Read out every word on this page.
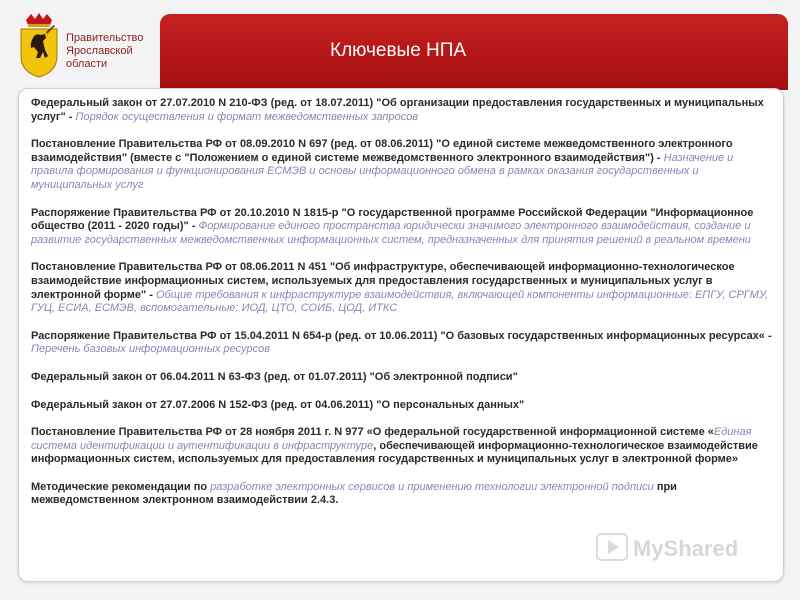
Правительство
Ярославской
области
Ключевые НПА

Федеральный закон от 27.07.2010 N 210-ФЗ (ред. от 18.07.2011) "Об организации предоставления государственных и муниципальных услуг" - Порядок осуществления и формат межведомственных запросов

Постановление Правительства РФ от 08.09.2010 N 697 (ред. от 08.06.2011) "О единой системе межведомственного электронного взаимодействия" (вместе с "Положением о единой системе межведомственного электронного взаимодействия") - Назначение и правила формирования и функционирования ЕСМЭВ и основы информационного обмена в рамках оказания государственных и муниципальных услуг

Распоряжение Правительства РФ от 20.10.2010 N 1815-р "О государственной программе Российской Федерации "Информационное общество (2011 - 2020 годы)" - Формирование единого пространства юридически значимого электронного взаимодействия, создание и развитие государственных межведомственных информационных систем, предназначенных для принятия решений в реальном времени

Постановление Правительства РФ от 08.06.2011 N 451 "Об инфраструктуре, обеспечивающей информационно-технологическое взаимодействие информационных систем, используемых для предоставления государственных и муниципальных услуг в электронной форме" - Общие требования к инфраструктуре взаимодействия, включающей компоненты информационные: ЕПГУ, СРГМУ, ГУЦ, ЕСИА, ЕСМЭВ, вспомогательные: ИОД, ЦТО, СОИБ, ЦОД, ИТКС

Распоряжение Правительства РФ от 15.04.2011 N 654-р (ред. от 10.06.2011) "О базовых государственных информационных ресурсах« - Перечень базовых информационных ресурсов

Федеральный закон от 06.04.2011 N 63-ФЗ (ред. от 01.07.2011) "Об электронной подписи"

Федеральный закон от 27.07.2006 N 152-ФЗ (ред. от 04.06.2011) "О персональных данных"

Постановление Правительства РФ от 28 ноября 2011 г. N 977 «О федеральной государственной информационной системе «Единая система идентификации и аутентификации в инфраструктуре, обеспечивающей информационно-технологическое взаимодействие информационных систем, используемых для предоставления государственных и муниципальных услуг в электронной форме»

Методические рекомендации по разработке электронных сервисов и применению технологии электронной подписи при межведомственном электронном взаимодействии 2.4.3.

MyShared
